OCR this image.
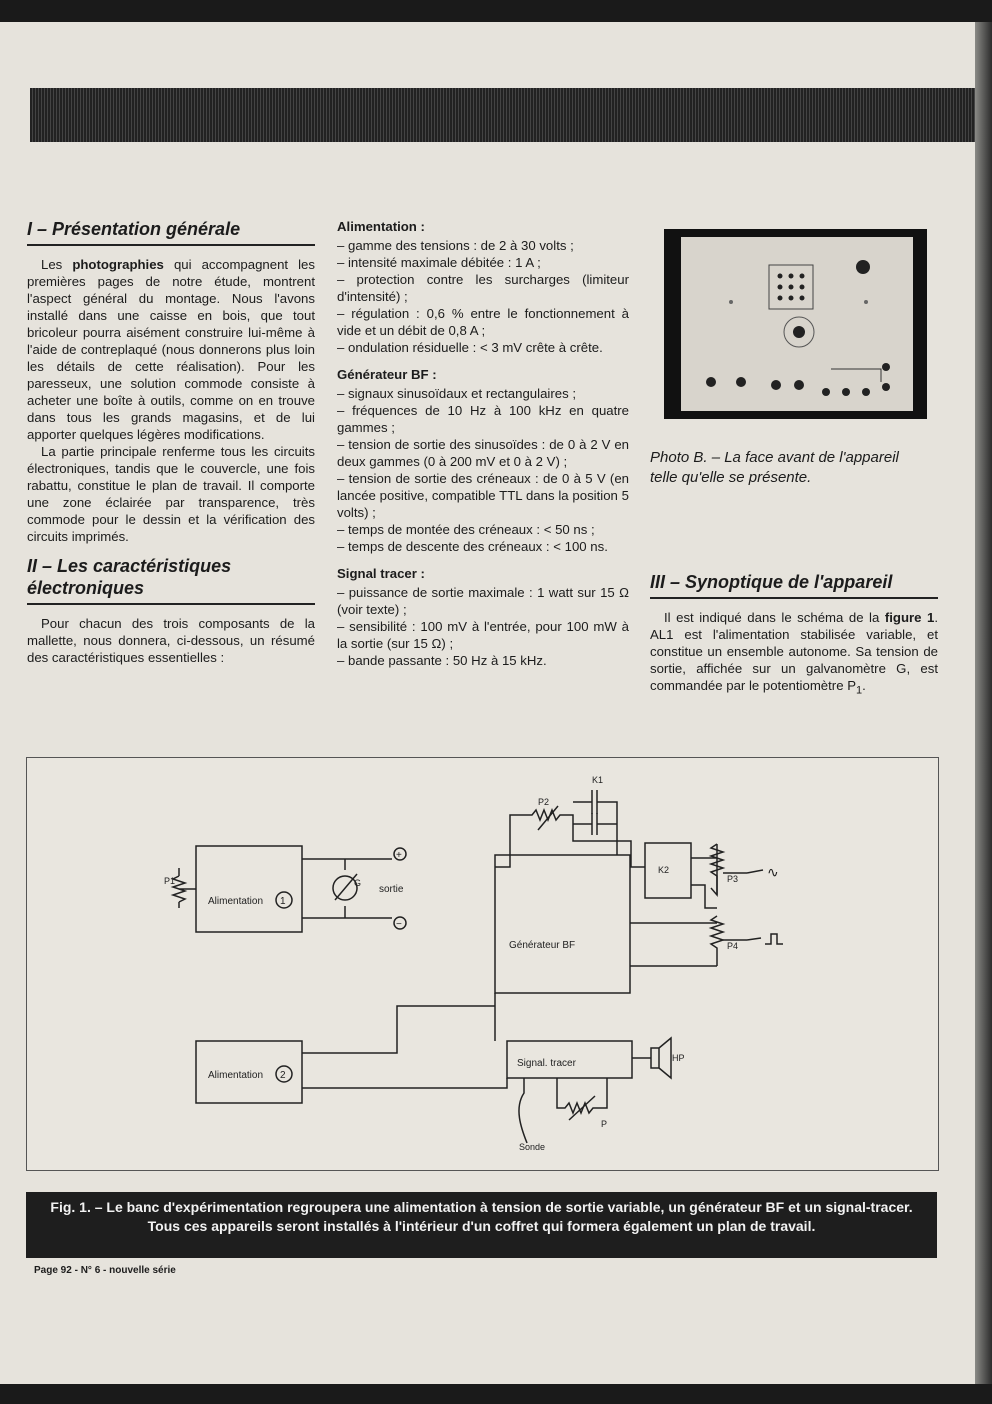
I – Présentation générale

Les photographies qui accompagnent les premières pages de notre étude, montrent l'aspect général du montage. Nous l'avons installé dans une caisse en bois, que tout bricoleur pourra aisément construire lui-même à l'aide de contreplaqué (nous donnerons plus loin les détails de cette réalisation). Pour les paresseux, une solution commode consiste à acheter une boîte à outils, comme on en trouve dans tous les grands magasins, et de lui apporter quelques légères modifications.

La partie principale renferme tous les circuits électroniques, tandis que le couvercle, une fois rabattu, constitue le plan de travail. Il comporte une zone éclairée par transparence, très commode pour le dessin et la vérification des circuits imprimés.

II – Les caractéristiques électroniques

Pour chacun des trois composants de la mallette, nous donnera, ci-dessous, un résumé des caractéristiques essentielles :

Alimentation :

– gamme des tensions : de 2 à 30 volts ;

– intensité maximale débitée : 1 A ;

– protection contre les surcharges (limiteur d'intensité) ;

– régulation : 0,6 % entre le fonctionnement à vide et un débit de 0,8 A ;

– ondulation résiduelle : < 3 mV crête à crête.

Générateur BF :

– signaux sinusoïdaux et rectangulaires ;

– fréquences de 10 Hz à 100 kHz en quatre gammes ;

– tension de sortie des sinusoïdes : de 0 à 2 V en deux gammes (0 à 200 mV et 0 à 2 V) ;

– tension de sortie des créneaux : de 0 à 5 V (en lancée positive, compatible TTL dans la position 5 volts) ;

– temps de montée des créneaux : < 50 ns ;

– temps de descente des créneaux : < 100 ns.

Signal tracer :

– puissance de sortie maximale : 1 watt sur 15 Ω (voir texte) ;

– sensibilité : 100 mV à l'entrée, pour 100 mW à la sortie (sur 15 Ω) ;

– bande passante : 50 Hz à 15 kHz.

Photo B. – La face avant de l'appareil telle qu'elle se présente.
III – Synoptique de l'appareil

Il est indiqué dans le schéma de la figure 1. AL1 est l'alimentation stabilisée variable, et constitue un ensemble autonome. Sa tension de sortie, affichée sur un galvanomètre G, est commandée par le potentiomètre $P_1$.

Alimentation 1
P1	G
+
−
sortie
Générateur BF
P2
K1
K2
P3 ∿
P4
Alimentation 2
Signal. tracer	HP
P
Sonde
Fig. 1. – Le banc d'expérimentation regroupera une alimentation à tension de sortie variable, un générateur BF et un signal-tracer. Tous ces appareils seront installés à l'intérieur d'un coffret qui formera également un plan de travail.
Page 92 - N° 6 - nouvelle série
